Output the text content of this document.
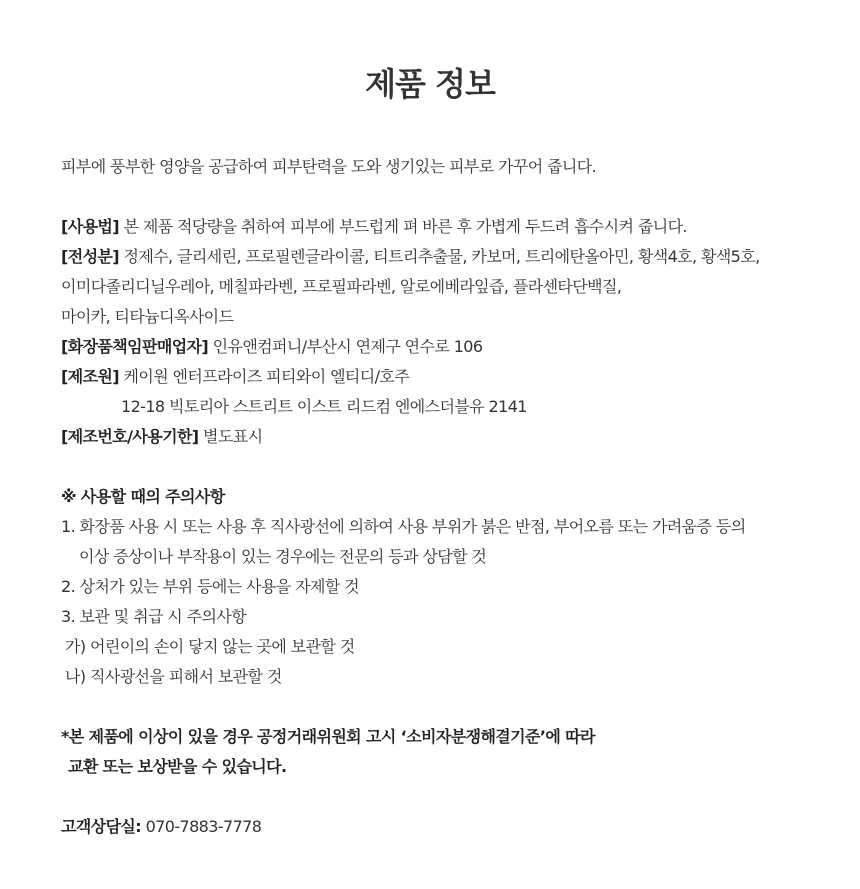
제품 정보
피부에 풍부한 영양을 공급하여 피부탄력을 도와 생기있는 피부로 가꾸어 줍니다.
[사용법] 본 제품 적당량을 취하여 피부에 부드럽게 펴 바른 후 가볍게 두드려 흡수시켜 줍니다.
[전성분] 정제수, 글리세린, 프로필렌글라이콜, 티트리추출물, 카보머, 트리에탄올아민, 황색4호, 황색5호,
이미다졸리디닐우레아, 메칠파라벤, 프로필파라벤, 알로에베라잎즙, 플라센타단백질,
마이카, 티타늄디옥사이드
[화장품책임판매업자] 인유앤컴퍼니/부산시 연제구 연수로 106
[제조원] 케이원 엔터프라이즈 피티와이 엘티디/호주
12-18 빅토리아 스트리트 이스트 리드컴 엔에스더블유 2141
[제조번호/사용기한] 별도표시
※ 사용할 때의 주의사항
1. 화장품 사용 시 또는 사용 후 직사광선에 의하여 사용 부위가 붉은 반점, 부어오름 또는 가려움증 등의
이상 증상이나 부작용이 있는 경우에는 전문의 등과 상담할 것
2. 상처가 있는 부위 등에는 사용을 자제할 것
3. 보관 및 취급 시 주의사항
가) 어린이의 손이 닿지 않는 곳에 보관할 것
나) 직사광선을 피해서 보관할 것
*본 제품에 이상이 있을 경우 공정거래위원회 고시 ‘소비자분쟁해결기준’에 따라
교환 또는 보상받을 수 있습니다.
고객상담실: 070-7883-7778
